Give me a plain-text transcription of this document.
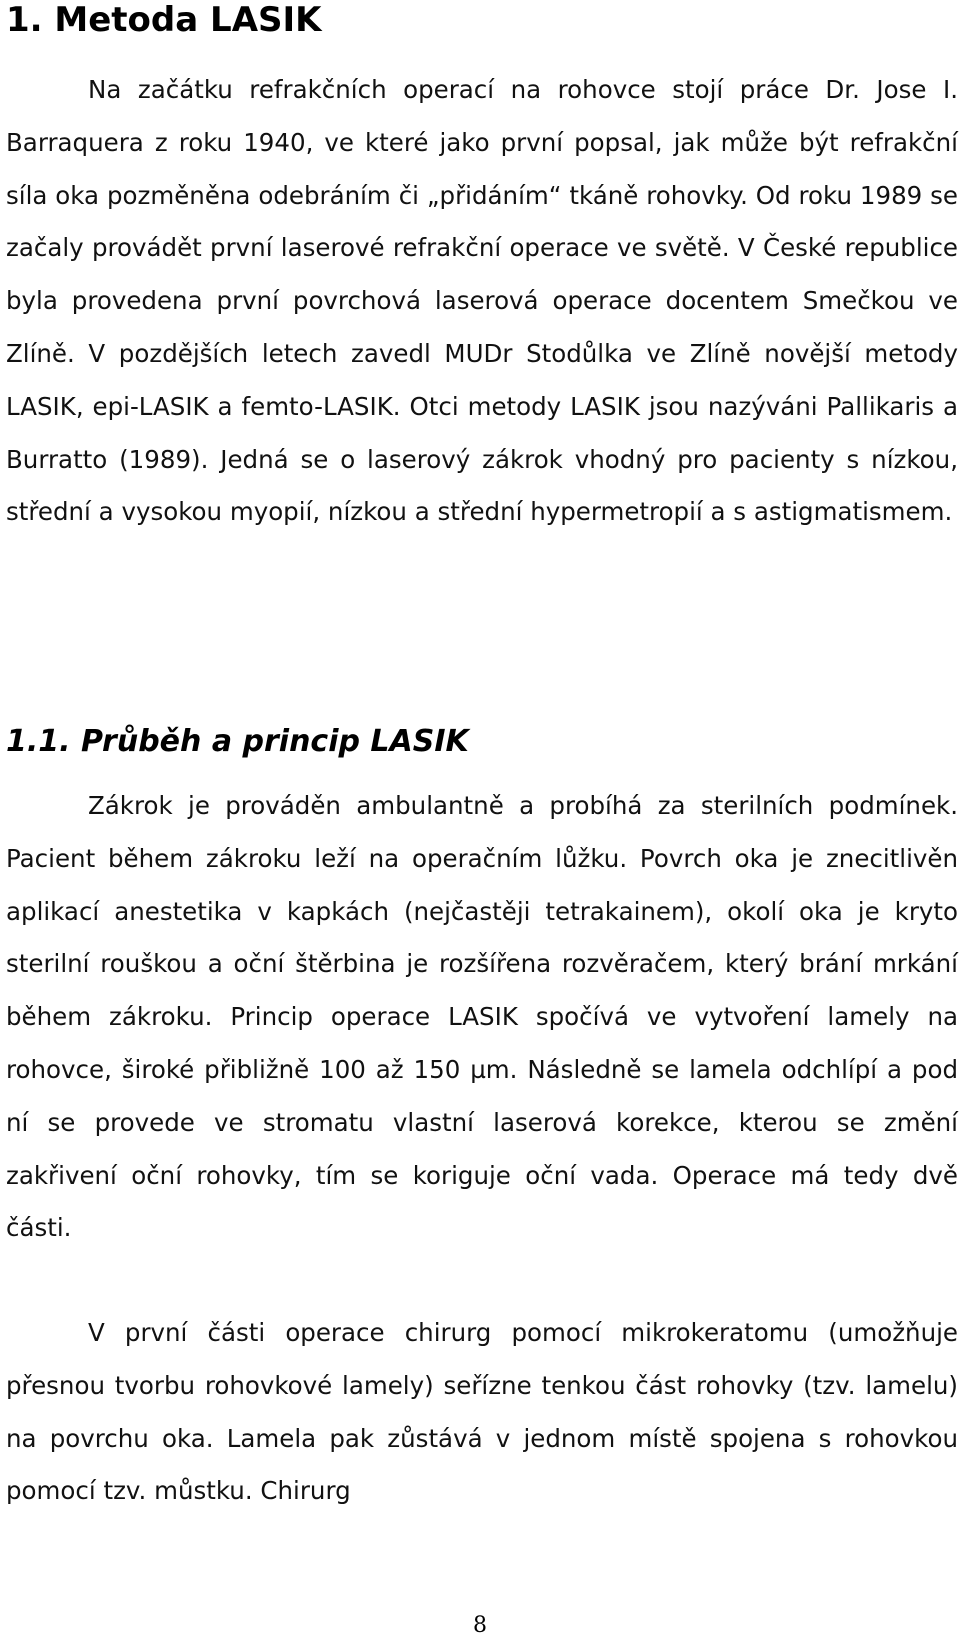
1. Metoda LASIK

Na začátku refrakčních operací na rohovce stojí práce Dr. Jose I. Barraquera z roku 1940, ve které jako první popsal, jak může být refrakční síla oka pozměněna odebráním či „přidáním“ tkáně rohovky. Od roku 1989 se začaly provádět první laserové refrakční operace ve světě. V České republice byla provedena první povrchová laserová operace docentem Smečkou ve Zlíně. V pozdějších letech zavedl MUDr Stodůlka ve Zlíně novější metody LASIK, epi-LASIK a femto-LASIK. Otci metody LASIK jsou nazýváni Pallikaris a Burratto (1989). Jedná se o laserový zákrok vhodný pro pacienty s nízkou, střední a vysokou myopií, nízkou a střední hypermetropií a s astigmatismem.

1.1. Průběh a princip LASIK

Zákrok je prováděn ambulantně a probíhá za sterilních podmínek. Pacient během zákroku leží na operačním lůžku. Povrch oka je znecitlivěn aplikací anestetika v kapkách (nejčastěji tetrakainem), okolí oka je kryto sterilní rouškou a oční štěrbina je rozšířena rozvěračem, který brání mrkání během zákroku. Princip operace LASIK spočívá ve vytvoření lamely na rohovce, široké přibližně 100 až 150 µm. Následně se lamela odchlípí a pod ní se provede ve stromatu vlastní laserová korekce, kterou se změní zakřivení oční rohovky, tím se koriguje oční vada. Operace má tedy dvě části.

V první části operace chirurg pomocí mikrokeratomu (umožňuje přesnou tvorbu rohovkové lamely) seřízne tenkou část rohovky (tzv. lamelu) na povrchu oka. Lamela pak zůstává v jednom místě spojena s rohovkou pomocí tzv. můstku. Chirurg

8
